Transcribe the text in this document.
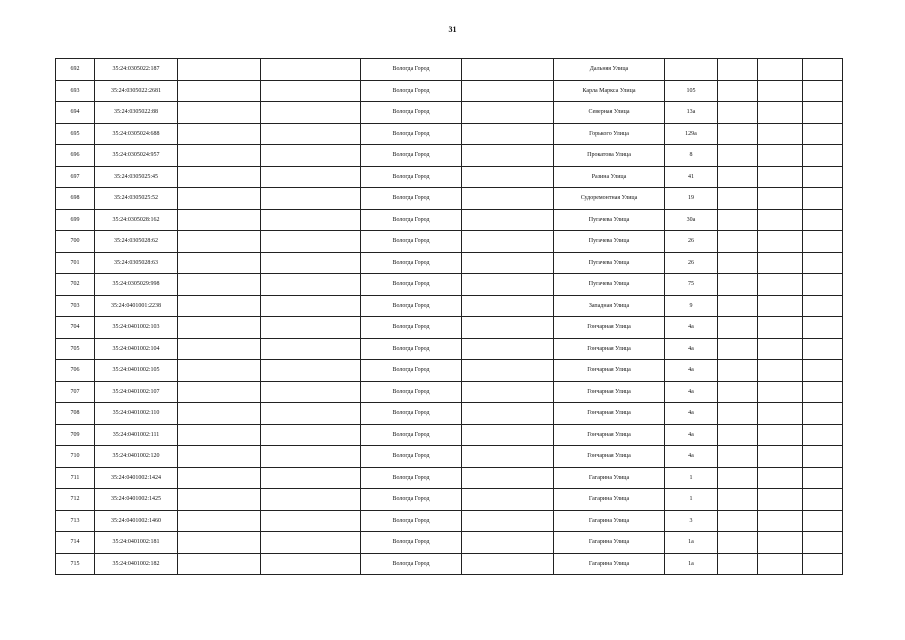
31
692	35:24:0305022:187			Вологда Город		Дальняя Улица				
693	35:24:0305022:2681			Вологда Город		Карла Маркса Улица	105			
694	35:24:0305022:88			Вологда Город		Северная Улица	13а			
695	35:24:0305024:688			Вологда Город		Горького Улица	129а			
696	35:24:0305024:957			Вологда Город		Прокатова Улица	8			
697	35:24:0305025:45			Вологда Город		Разина Улица	41			
698	35:24:0305025:52			Вологда Город		Судоремонтная Улица	19			
699	35:24:0305028:162			Вологда Город		Пугачева Улица	30а			
700	35:24:0305028:62			Вологда Город		Пугачева Улица	26			
701	35:24:0305028:63			Вологда Город		Пугачева Улица	26			
702	35:24:0305029:998			Вологда Город		Пугачева Улица	75			
703	35:24:0401001:2238			Вологда Город		Западная Улица	9			
704	35:24:0401002:103			Вологда Город		Гончарная Улица	4а			
705	35:24:0401002:104			Вологда Город		Гончарная Улица	4а			
706	35:24:0401002:105			Вологда Город		Гончарная Улица	4а			
707	35:24:0401002:107			Вологда Город		Гончарная Улица	4а			
708	35:24:0401002:110			Вологда Город		Гончарная Улица	4а			
709	35:24:0401002:111			Вологда Город		Гончарная Улица	4а			
710	35:24:0401002:120			Вологда Город		Гончарная Улица	4а			
711	35:24:0401002:1424			Вологда Город		Гагарина Улица	1			
712	35:24:0401002:1425			Вологда Город		Гагарина Улица	1			
713	35:24:0401002:1460			Вологда Город		Гагарина Улица	3			
714	35:24:0401002:181			Вологда Город		Гагарина Улица	1а			
715	35:24:0401002:182			Вологда Город		Гагарина Улица	1а			
